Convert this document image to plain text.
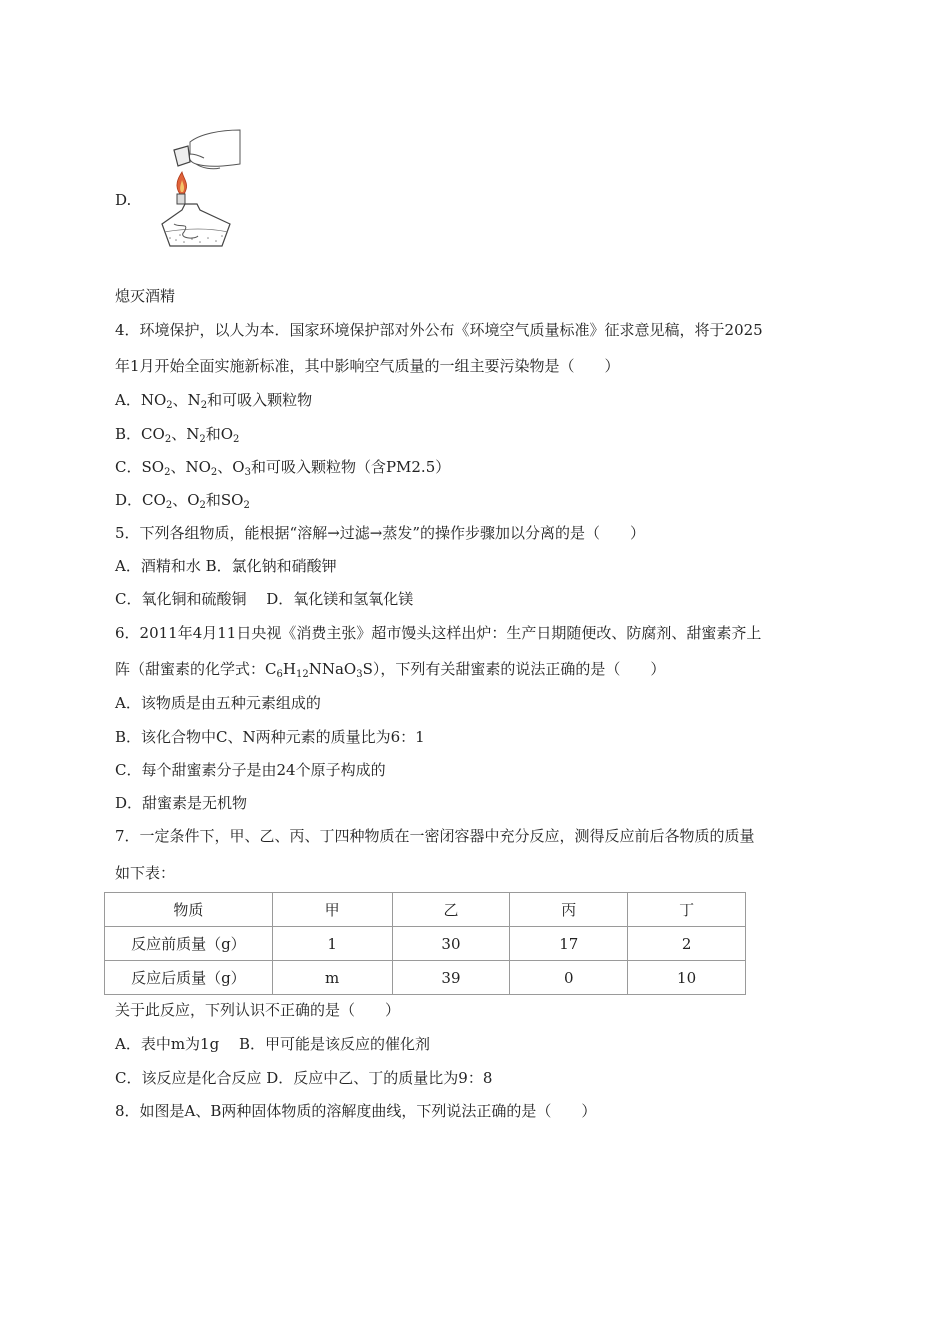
D.
熄灭酒精
4．环境保护，以人为本．国家环境保护部对外公布《环境空气质量标准》征求意见稿，将于2025
年1月开始全面实施新标准，其中影响空气质量的一组主要污染物是（　　）
A．$NO_2$、$N_2$和可吸入颗粒物
B．$CO_2$、$N_2$和$O_2$
C．$SO_2$、$NO_2$、$O_3$和可吸入颗粒物（含PM2.5）
D．$CO_2$、$O_2$和$SO_2$
5．下列各组物质，能根据“溶解→过滤→蒸发”的操作步骤加以分离的是（　　）
A．酒精和水 B．氯化钠和硝酸钾
C．氧化铜和硫酸铜　 D．氧化镁和氢氧化镁
6．2011年4月11日央视《消费主张》超市馒头这样出炉：生产日期随便改、防腐剂、甜蜜素齐上
阵（甜蜜素的化学式：$C_6H_{12}NNaO_3S$），下列有关甜蜜素的说法正确的是（　　）
A．该物质是由五种元素组成的
B．该化合物中C、N两种元素的质量比为6：1
C．每个甜蜜素分子是由24个原子构成的
D．甜蜜素是无机物
7．一定条件下，甲、乙、丙、丁四种物质在一密闭容器中充分反应，测得反应前后各物质的质量
如下表：
物质	甲	乙	丙	丁
反应前质量（g）	1	30	17	2
反应后质量（g）	m	39	0	10
关于此反应，下列认识不正确的是（　　）
A．表中m为1g　 B．甲可能是该反应的催化剂
C．该反应是化合反应 D．反应中乙、丁的质量比为9：8
8．如图是A、B两种固体物质的溶解度曲线，下列说法正确的是（　　）
